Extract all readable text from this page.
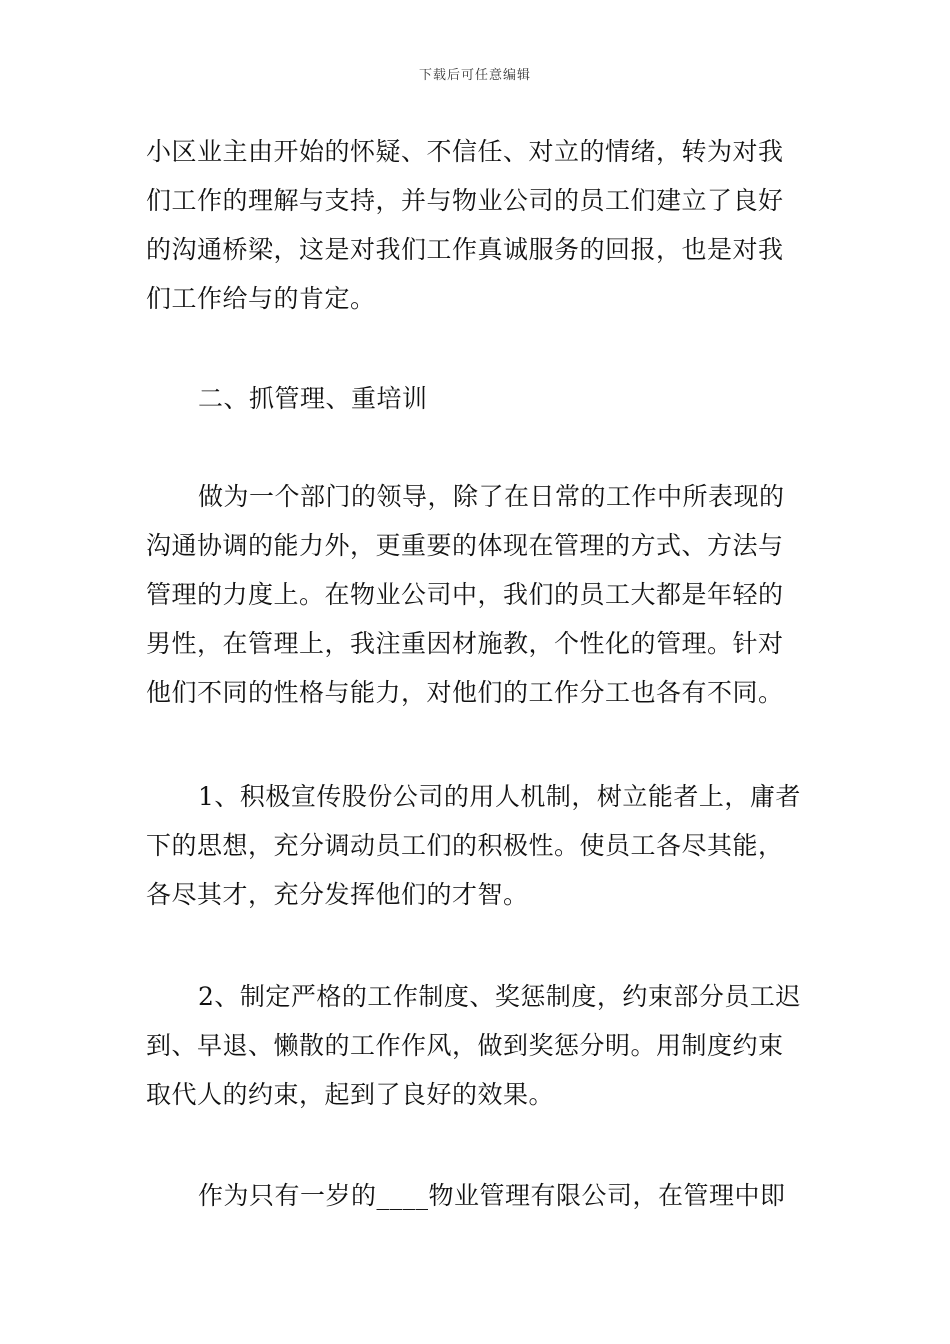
下载后可任意编辑
小区业主由开始的怀疑、不信任、对立的情绪，转为对我
们工作的理解与支持，并与物业公司的员工们建立了良好
的沟通桥梁，这是对我们工作真诚服务的回报，也是对我
们工作给与的肯定。
二、抓管理、重培训
做为一个部门的领导，除了在日常的工作中所表现的
沟通协调的能力外，更重要的体现在管理的方式、方法与
管理的力度上。在物业公司中，我们的员工大都是年轻的
男性，在管理上，我注重因材施教，个性化的管理。针对
他们不同的性格与能力，对他们的工作分工也各有不同。
1、积极宣传股份公司的用人机制，树立能者上，庸者
下的思想，充分调动员工们的积极性。使员工各尽其能，
各尽其才，充分发挥他们的才智。
2、制定严格的工作制度、奖惩制度，约束部分员工迟
到、早退、懒散的工作作风，做到奖惩分明。用制度约束
取代人的约束，起到了良好的效果。
作为只有一岁的____物业管理有限公司，在管理中即
